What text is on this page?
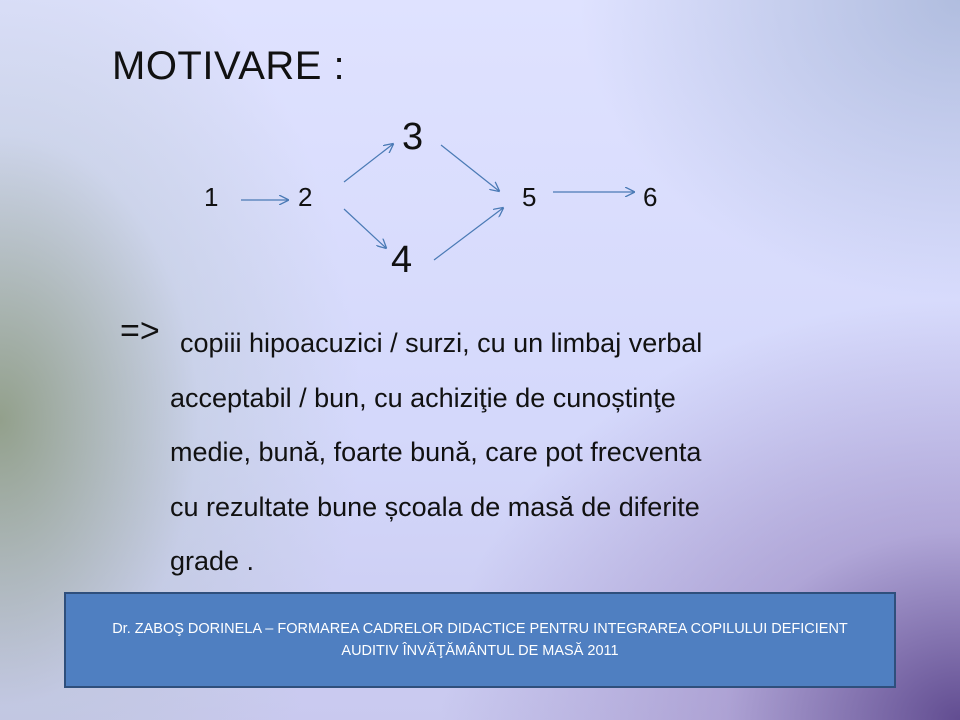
MOTIVARE :
1	2
3
4
5	6
=> copiii hipoacuzici / surzi, cu un limbaj verbal
acceptabil / bun, cu achiziţie de cunoștinţe
medie, bună, foarte bună, care pot frecventa
cu rezultate bune școala de masă de diferite
grade .
Dr. ZABOŞ DORINELA – FORMAREA CADRELOR DIDACTICE PENTRU INTEGRAREA COPILULUI DEFICIENT AUDITIV ÎNVĂŢĂMÂNTUL DE MASĂ 2011
